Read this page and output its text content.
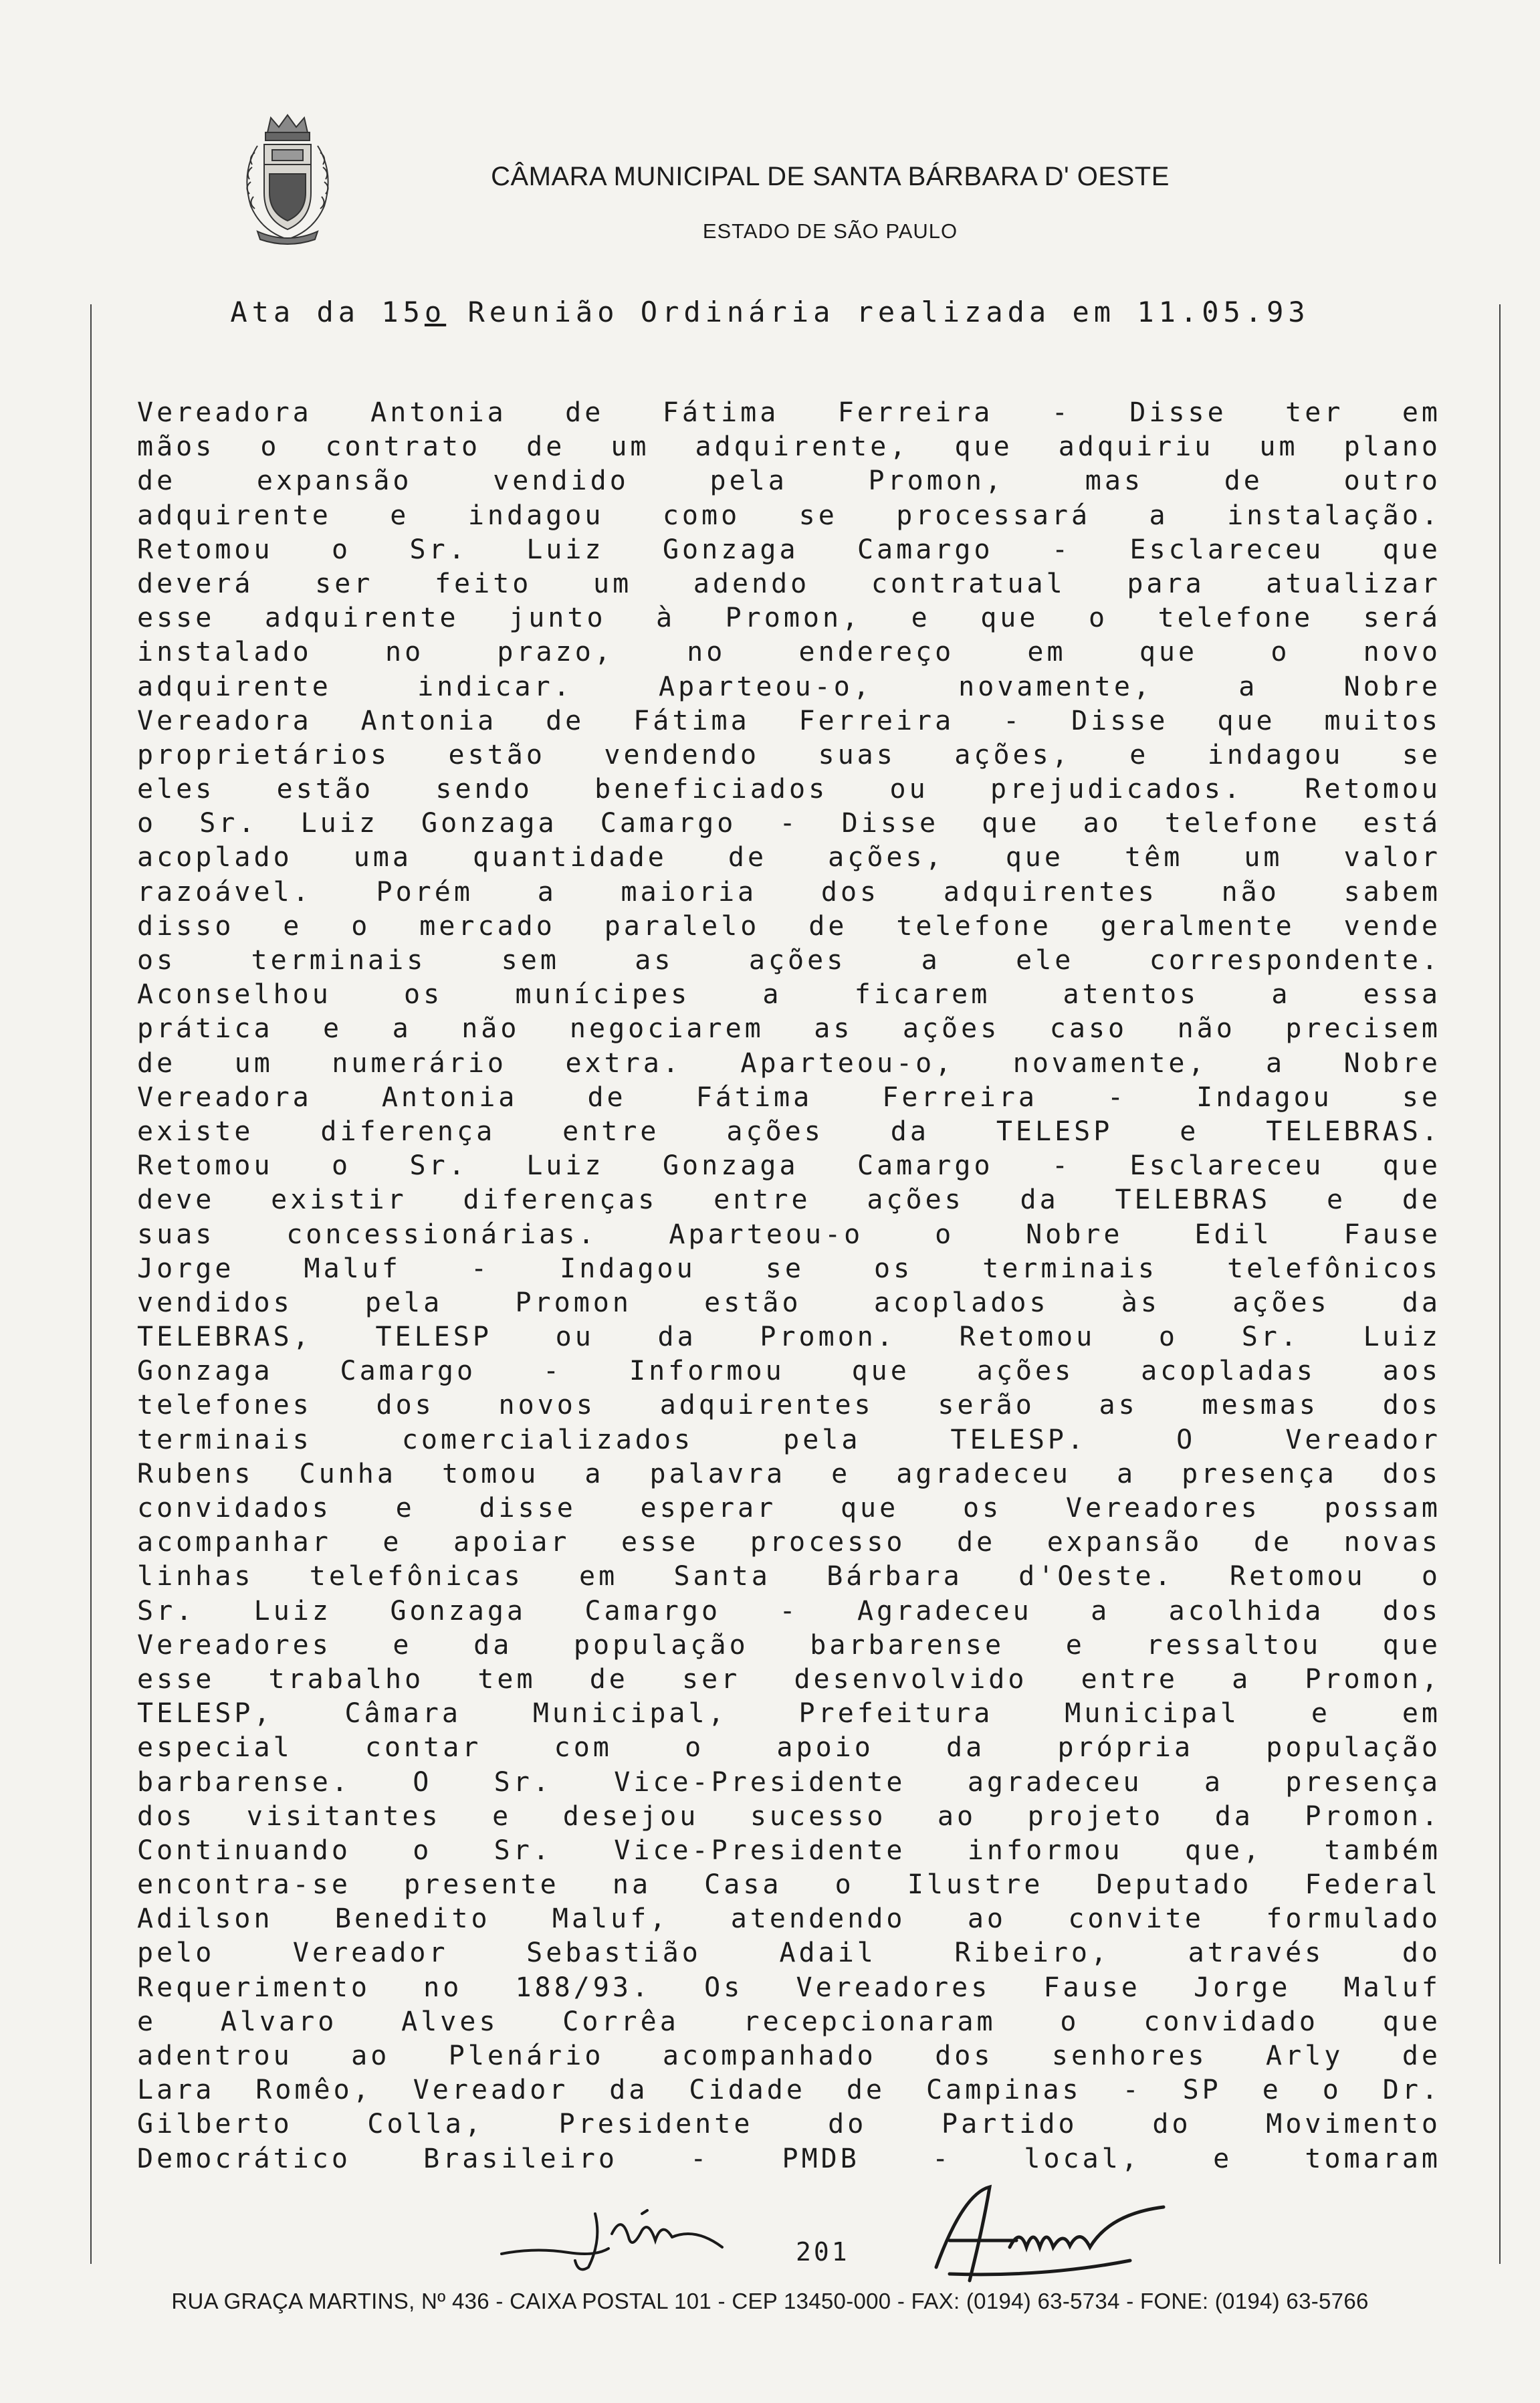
CÂMARA MUNICIPAL DE SANTA BÁRBARA D' OESTE
ESTADO DE SÃO PAULO
Ata da 15o Reunião Ordinária realizada em 11.05.93
Vereadora Antonia de Fátima Ferreira - Disse ter em
mãos o contrato de um adquirente, que adquiriu um plano
de expansão vendido pela Promon, mas de outro
adquirente e indagou como se processará a instalação.
Retomou o Sr. Luiz Gonzaga Camargo - Esclareceu que
deverá ser feito um adendo contratual para atualizar
esse adquirente junto à Promon, e que o telefone será
instalado no prazo, no endereço em que o novo
adquirente indicar. Aparteou-o, novamente, a Nobre
Vereadora Antonia de Fátima Ferreira - Disse que muitos
proprietários estão vendendo suas ações, e indagou se
eles estão sendo beneficiados ou prejudicados. Retomou
o Sr. Luiz Gonzaga Camargo - Disse que ao telefone está
acoplado uma quantidade de ações, que têm um valor
razoável. Porém a maioria dos adquirentes não sabem
disso e o mercado paralelo de telefone geralmente vende
os terminais sem as ações a ele correspondente.
Aconselhou os munícipes a ficarem atentos a essa
prática e a não negociarem as ações caso não precisem
de um numerário extra. Aparteou-o, novamente, a Nobre
Vereadora Antonia de Fátima Ferreira - Indagou se
existe diferença entre ações da TELESP e TELEBRAS.
Retomou o Sr. Luiz Gonzaga Camargo - Esclareceu que
deve existir diferenças entre ações da TELEBRAS e de
suas concessionárias. Aparteou-o o Nobre Edil Fause
Jorge Maluf - Indagou se os terminais telefônicos
vendidos pela Promon estão acoplados às ações da
TELEBRAS, TELESP ou da Promon. Retomou o Sr. Luiz
Gonzaga Camargo - Informou que ações acopladas aos
telefones dos novos adquirentes serão as mesmas dos
terminais comercializados pela TELESP. O Vereador
Rubens Cunha tomou a palavra e agradeceu a presença dos
convidados e disse esperar que os Vereadores possam
acompanhar e apoiar esse processo de expansão de novas
linhas telefônicas em Santa Bárbara d'Oeste. Retomou o
Sr. Luiz Gonzaga Camargo - Agradeceu a acolhida dos
Vereadores e da população barbarense e ressaltou que
esse trabalho tem de ser desenvolvido entre a Promon,
TELESP, Câmara Municipal, Prefeitura Municipal e em
especial contar com o apoio da própria população
barbarense. O Sr. Vice-Presidente agradeceu a presença
dos visitantes e desejou sucesso ao projeto da Promon.
Continuando o Sr. Vice-Presidente informou que, também
encontra-se presente na Casa o Ilustre Deputado Federal
Adilson Benedito Maluf, atendendo ao convite formulado
pelo Vereador Sebastião Adail Ribeiro, através do
Requerimento no 188/93. Os Vereadores Fause Jorge Maluf
e Alvaro Alves Corrêa recepcionaram o convidado que
adentrou ao Plenário acompanhado dos senhores Arly de
Lara Romêo, Vereador da Cidade de Campinas - SP e o Dr.
Gilberto Colla, Presidente do Partido do Movimento
Democrático Brasileiro - PMDB - local, e tomaram
201
RUA GRAÇA MARTINS, Nº 436 - CAIXA POSTAL 101 - CEP 13450-000 - FAX: (0194) 63-5734 - FONE: (0194) 63-5766
